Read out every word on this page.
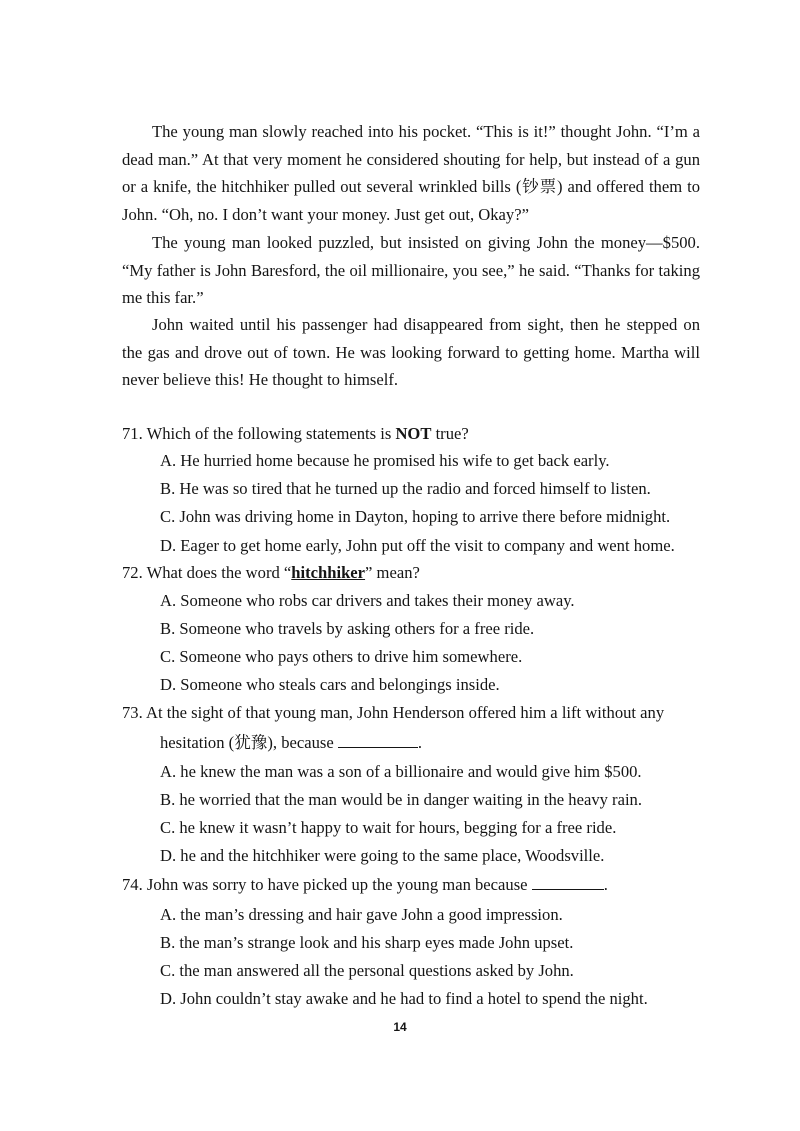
The young man slowly reached into his pocket. “This is it!” thought John. “I’m a dead man.” At that very moment he considered shouting for help, but instead of a gun or a knife, the hitchhiker pulled out several wrinkled bills (钞票) and offered them to John. “Oh, no. I don’t want your money. Just get out, Okay?”

The young man looked puzzled, but insisted on giving John the money—$500. “My father is John Baresford, the oil millionaire, you see,” he said. “Thanks for taking me this far.”

John waited until his passenger had disappeared from sight, then he stepped on the gas and drove out of town. He was looking forward to getting home. Martha will never believe this! He thought to himself.

71. Which of the following statements is NOT true?
A. He hurried home because he promised his wife to get back early.
B. He was so tired that he turned up the radio and forced himself to listen.
C. John was driving home in Dayton, hoping to arrive there before midnight.
D. Eager to get home early, John put off the visit to company and went home.
72. What does the word “hitchhiker” mean?
A. Someone who robs car drivers and takes their money away.
B. Someone who travels by asking others for a free ride.
C. Someone who pays others to drive him somewhere.
D. Someone who steals cars and belongings inside.
73. At the sight of that young man, John Henderson offered him a lift without any
hesitation (犹豫), because	.
A. he knew the man was a son of a billionaire and would give him $500.
B. he worried that the man would be in danger waiting in the heavy rain.
C. he knew it wasn’t happy to wait for hours, begging for a free ride.
D. he and the hitchhiker were going to the same place, Woodsville.
74. John was sorry to have picked up the young man because	.
A. the man’s dressing and hair gave John a good impression.
B. the man’s strange look and his sharp eyes made John upset.
C. the man answered all the personal questions asked by John.
D. John couldn’t stay awake and he had to find a hotel to spend the night.
14
